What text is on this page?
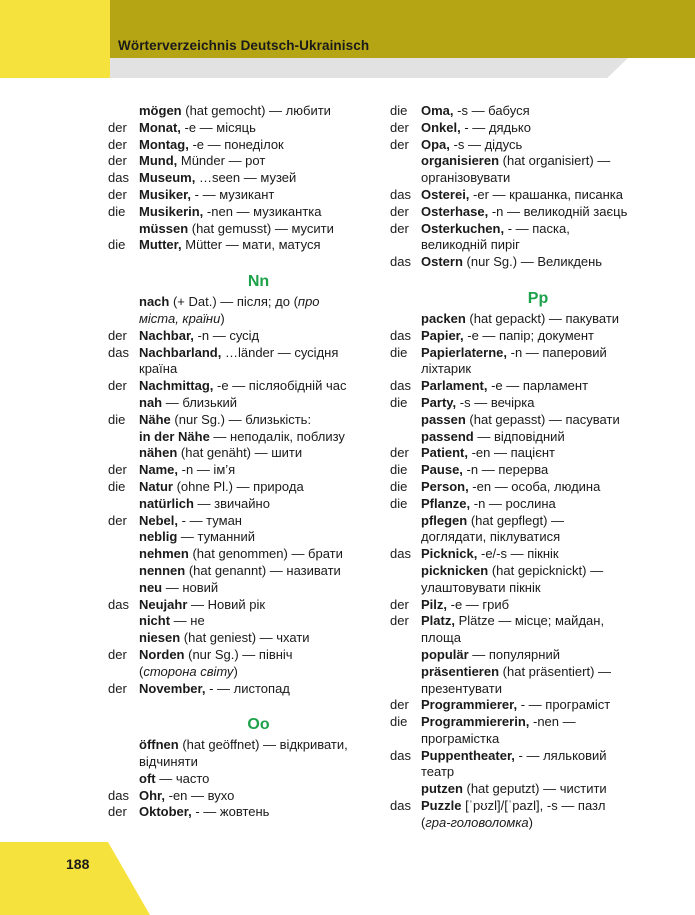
Wörterverzeichnis Deutsch-Ukrainisch
mögen (hat gemocht) — любити
der Monat, -e — місяць
der Montag, -e — понеділок
der Mund, Münder — рот
das Museum, …seen — музей
der Musiker, - — музикант
die	Musikerin, -nen — музикантка
müssen (hat gemusst) — мусити
die	Mutter, Mütter — мати, матуся
Nn
nach (+ Dat.) — після; до (про
міста, країни)
der Nachbar, -n — сусід
das Nachbarland, …länder — сусідня
країна
der Nachmittag, -e — післяобідній час
nah — близький
die	Nähe (nur Sg.) — близькість:
in der Nähe — неподалік, поблизу
nähen (hat genäht) — шити
der Name, -n — ім’я
die	Natur (ohne Pl.) — природа
natürlich — звичайно
der Nebel, - — туман
neblig — туманний
nehmen (hat genommen) — брати
nennen (hat genannt) — називати
neu — новий
das Neujahr — Новий рік
nicht — не
niesen (hat geniest) — чхати
der Norden (nur Sg.) — північ
(сторона світу)
der November, - — листопад
Oo
öffnen (hat geöffnet) — відкривати,
відчиняти
oft — часто
das Ohr, -en — вухо
der Oktober, - — жовтень
die	Oma, -s — бабуся
der Onkel, - — дядько
der Opa, -s — дідусь
organisieren (hat organisiert) —
організовувати
das Osterei, -er — крашанка, писанка
der Osterhase, -n — великодній заєць
der Osterkuchen, - — паска,
великодній пиріг
das Ostern (nur Sg.) — Великдень
Pp
packen (hat gepackt) — пакувати
das Papier, -e — папір; документ
die	Papierlaterne, -n — паперовий
ліхтарик
das Parlament, -e — парламент
die	Party, -s — вечірка
passen (hat gepasst) — пасувати
passend — відповідний
der Patient, -en — пацієнт
die	Pause, -n — перерва
die	Person, -en — особа, людина
die	Pflanze, -n — рослина
pflegen (hat gepflegt) —
доглядати, піклуватися
das Picknick, -e/-s — пікнік
picknicken (hat gepicknickt) —
улаштовувати пікнік
der Pilz, -e — гриб
der Platz, Plätze — місце; майдан,
площа
populär — популярний
präsentieren (hat präsentiert) —
презентувати
der Programmierer, - — програміст
die	Programmiererin, -nen —
програмістка
das Puppentheater, - — ляльковий
театр
putzen (hat geputzt) — чистити
das Puzzle [ˈpʊzl]/[ˈpazl], -s — пазл
(гра-головоломка)
188
